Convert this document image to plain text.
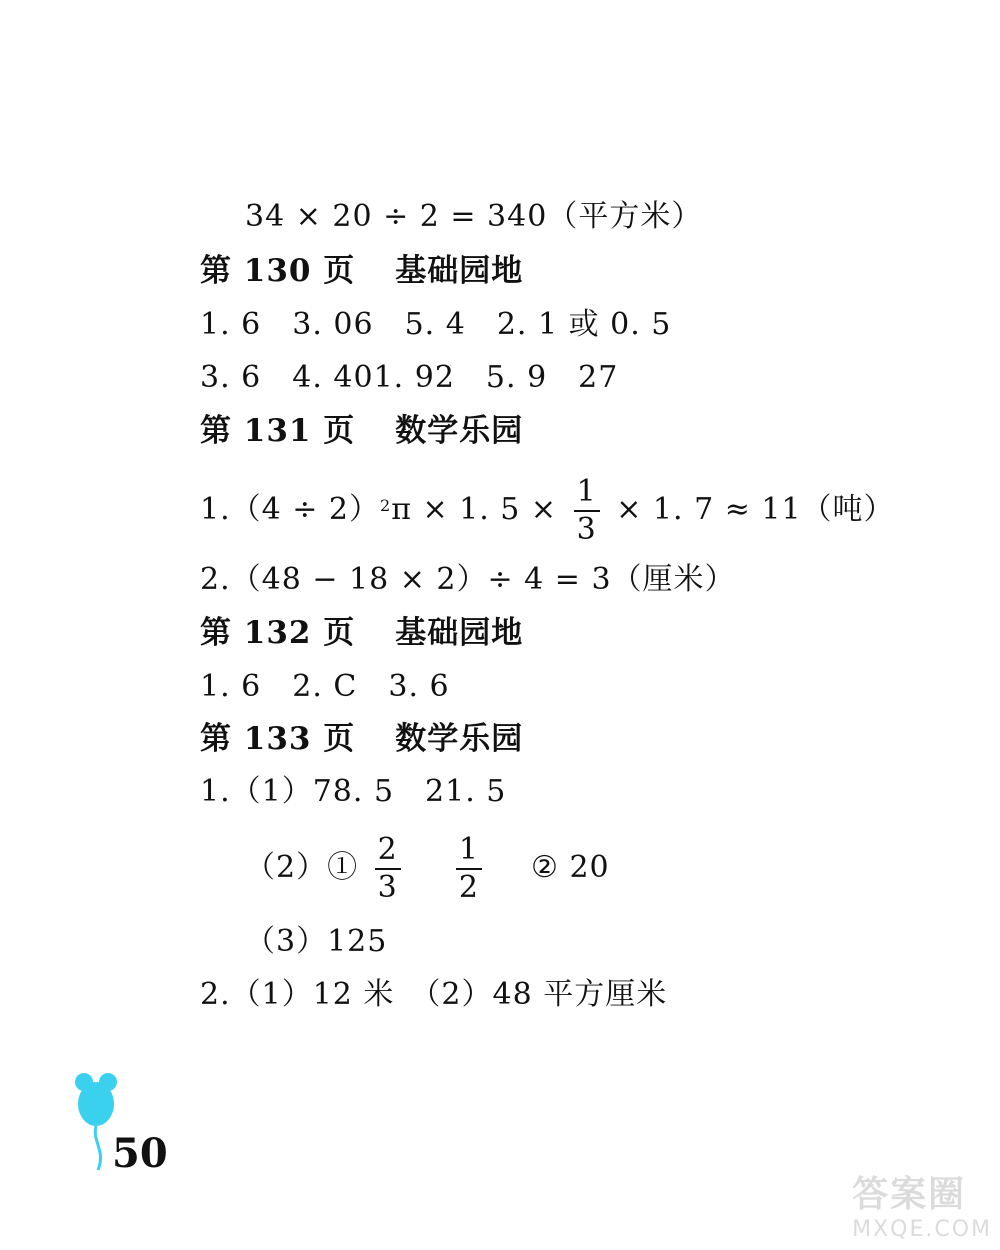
34 × 20 ÷ 2 = 340（平方米）
第 130 页 基础园地
1. 6　3. 06　5. 4　2. 1 或 0. 5
3. 6　4. 401. 92　5. 9　27
第 131 页 数学乐园
$1.(4 \div 2)^2\pi \times 1$. $5 \times \frac{1}{3} \times 1$. 7 ≈ 11（吨）
2.（48 − 18 × 2）÷ 4 = 3（厘米）
第 132 页 基础园地
1. 6　2. C　3. 6
第 133 页 数学乐园
1.（1）78. 5　21. 5
（2）① $\frac{2}{3}$
$\frac{1}{2}$ ② 20
（3）125
2.（1）12 米　（2）48 平方厘米
50
答案圈
MXQE.COM
